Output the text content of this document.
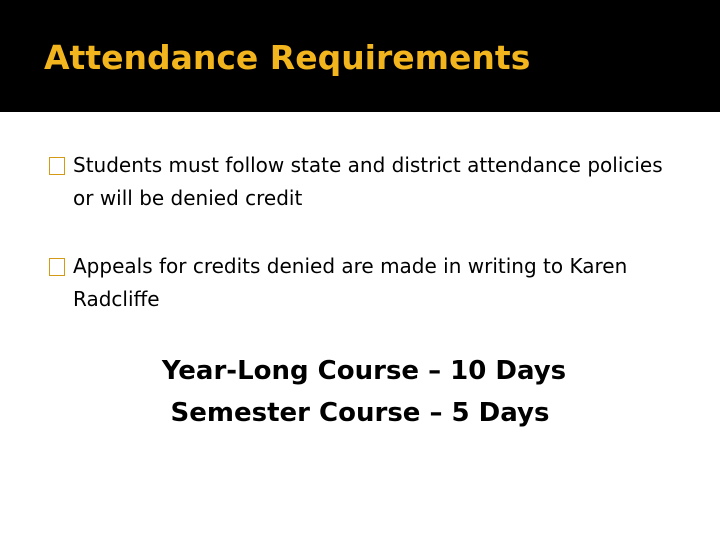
Attendance Requirements
Students must follow state and district attendance policies or will be denied credit
Appeals for credits denied are made in writing to Karen Radcliffe
Year-Long Course – 10 Days
Semester Course – 5 Days
